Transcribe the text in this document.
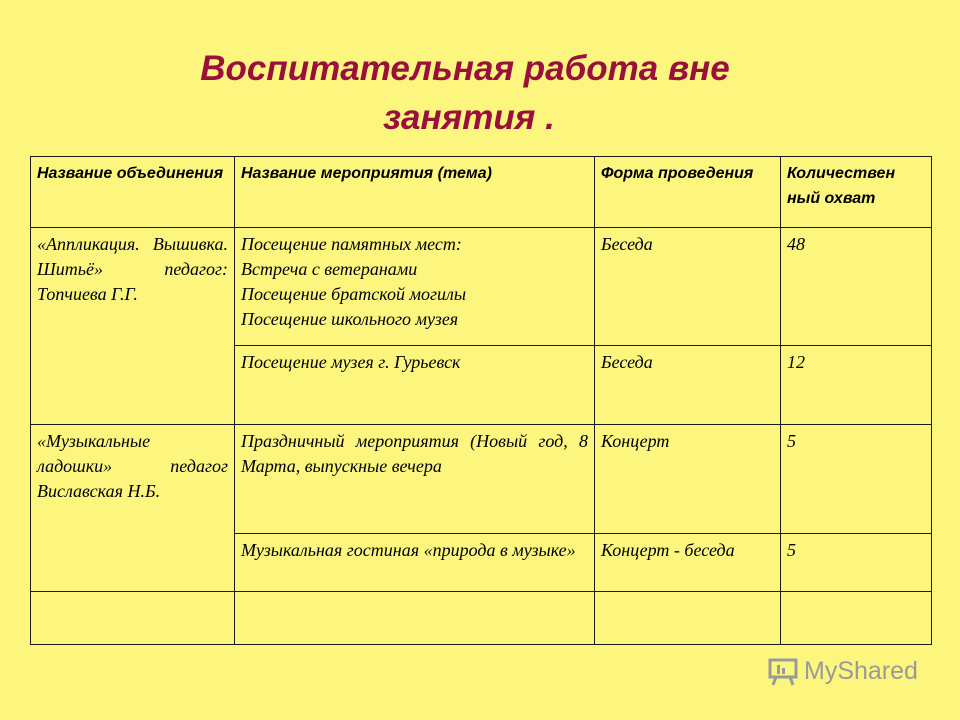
Воспитательная работа вне
занятия .
Название объединения	Название мероприятия (тема)	Форма проведения	Количествен ный охват
«Аппликация. Вышивка. Шитьё» педагог: Топчиева Г.Г.	Посещение памятных мест:
Встреча с ветеранами
Посещение братской могилы
Посещение школьного музея	Беседа	48
	Посещение музея г. Гурьевск	Беседа	12
«Музыкальные ладошки» педагог Виславская Н.Б.	Праздничный мероприятия (Новый год, 8 Марта, выпускные вечера	Концерт	5
	Музыкальная гостиная «природа в музыке»	Концерт - беседа	5

MyShared
